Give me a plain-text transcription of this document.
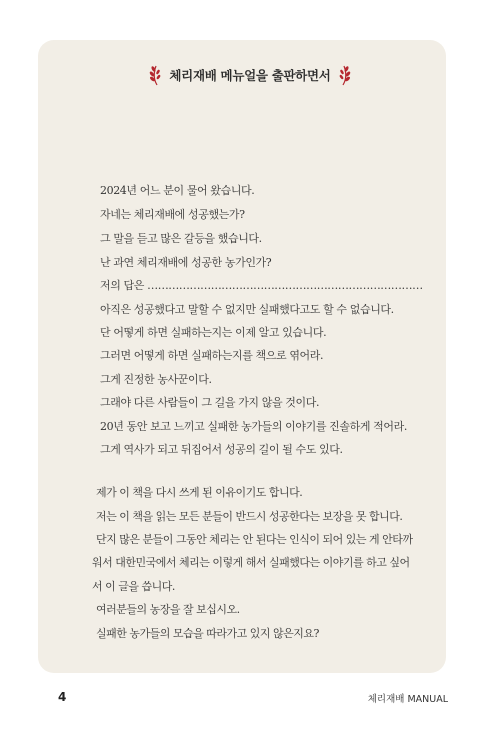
체리재배 메뉴얼을 출판하면서
2024년 어느 분이 물어 왔습니다.
자네는 체리재배에 성공했는가?
그 말을 듣고 많은 갈등을 했습니다.
난 과연 체리재배에 성공한 농가인가?
저의 답은 ……………………………………………………………………
아직은 성공했다고 말할 수 없지만 실패했다고도 할 수 없습니다.
단 어떻게 하면 실패하는지는 이제 알고 있습니다.
그러면 어떻게 하면 실패하는지를 책으로 엮어라.
그게 진정한 농사꾼이다.
그래야 다른 사람들이 그 길을 가지 않을 것이다.
20년 동안 보고 느끼고 실패한 농가들의 이야기를 진솔하게 적어라.
그게 역사가 되고 뒤집어서 성공의 길이 될 수도 있다.
제가 이 책을 다시 쓰게 된 이유이기도 합니다.
저는 이 책을 읽는 모든 분들이 반드시 성공한다는 보장을 못 합니다.
단지 많은 분들이 그동안 체리는 안 된다는 인식이 되어 있는 게 안타까
워서 대한민국에서 체리는 이렇게 해서 실패했다는 이야기를 하고 싶어
서 이 글을 씁니다.
여러분들의 농장을 잘 보십시오.
실패한 농가들의 모습을 따라가고 있지 않은지요?
4	체리재배 MANUAL
